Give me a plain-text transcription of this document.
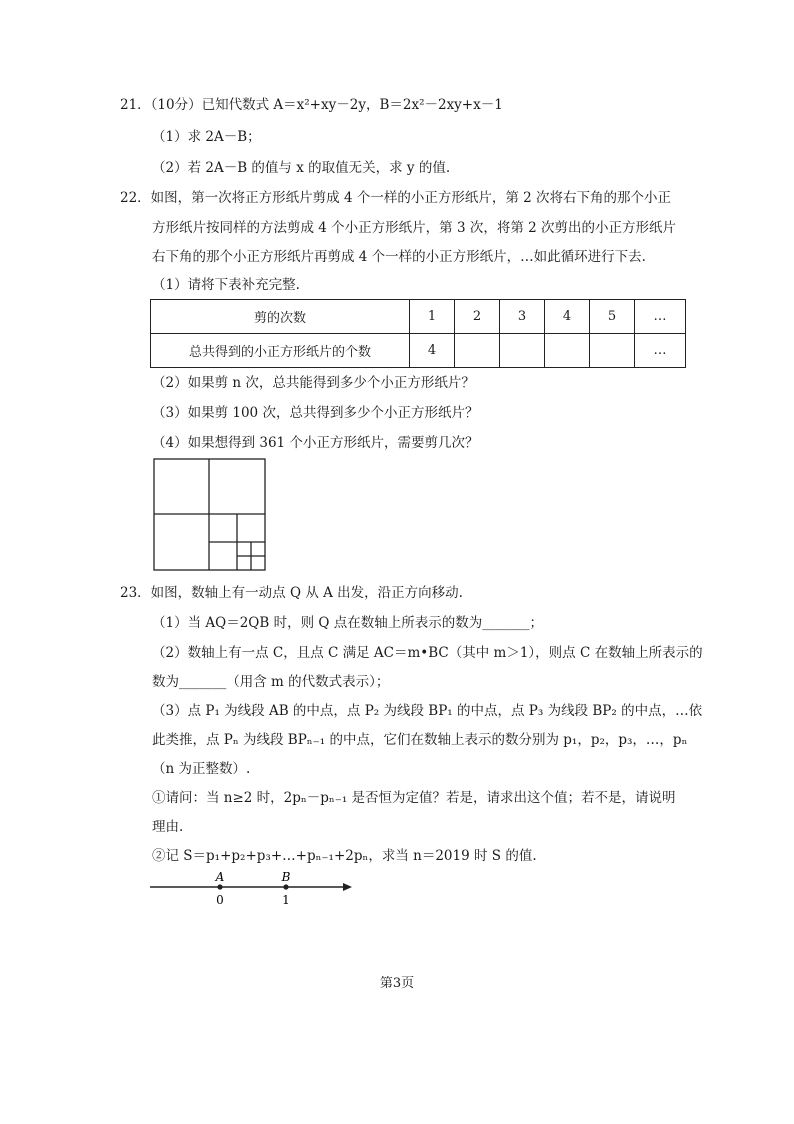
21．（10分）已知代数式 A＝x²+xy－2y，B＝2x²－2xy+x－1
（1）求 2A－B；
（2）若 2A－B 的值与 x 的取值无关，求 y 的值.
22．如图，第一次将正方形纸片剪成 4 个一样的小正方形纸片，第 2 次将右下角的那个小正
方形纸片按同样的方法剪成 4 个小正方形纸片，第 3 次，将第 2 次剪出的小正方形纸片
右下角的那个小正方形纸片再剪成 4 个一样的小正方形纸片，…如此循环进行下去.
（1）请将下表补充完整.
剪的次数	1	2	3	4	5	…
总共得到的小正方形纸片的个数	4					…
（2）如果剪 n 次，总共能得到多少个小正方形纸片？
（3）如果剪 100 次，总共得到多少个小正方形纸片？
（4）如果想得到 361 个小正方形纸片，需要剪几次？
23．如图，数轴上有一动点 Q 从 A 出发，沿正方向移动.
（1）当 AQ＝2QB 时，则 Q 点在数轴上所表示的数为_______；
（2）数轴上有一点 C，且点 C 满足 AC＝m•BC（其中 m＞1），则点 C 在数轴上所表示的
数为_______（用含 m 的代数式表示）；
（3）点 P₁ 为线段 AB 的中点，点 P₂ 为线段 BP₁ 的中点，点 P₃ 为线段 BP₂ 的中点，…依
此类推，点 Pₙ 为线段 BPₙ₋₁ 的中点，它们在数轴上表示的数分别为 p₁，p₂，p₃，…，pₙ
（n 为正整数）.
①请问：当 n≥2 时，2pₙ－pₙ₋₁ 是否恒为定值？若是，请求出这个值；若不是，请说明
理由.
②记 S＝p₁+p₂+p₃+…+pₙ₋₁+2pₙ，求当 n＝2019 时 S 的值.
A	B
0	1
第3页
